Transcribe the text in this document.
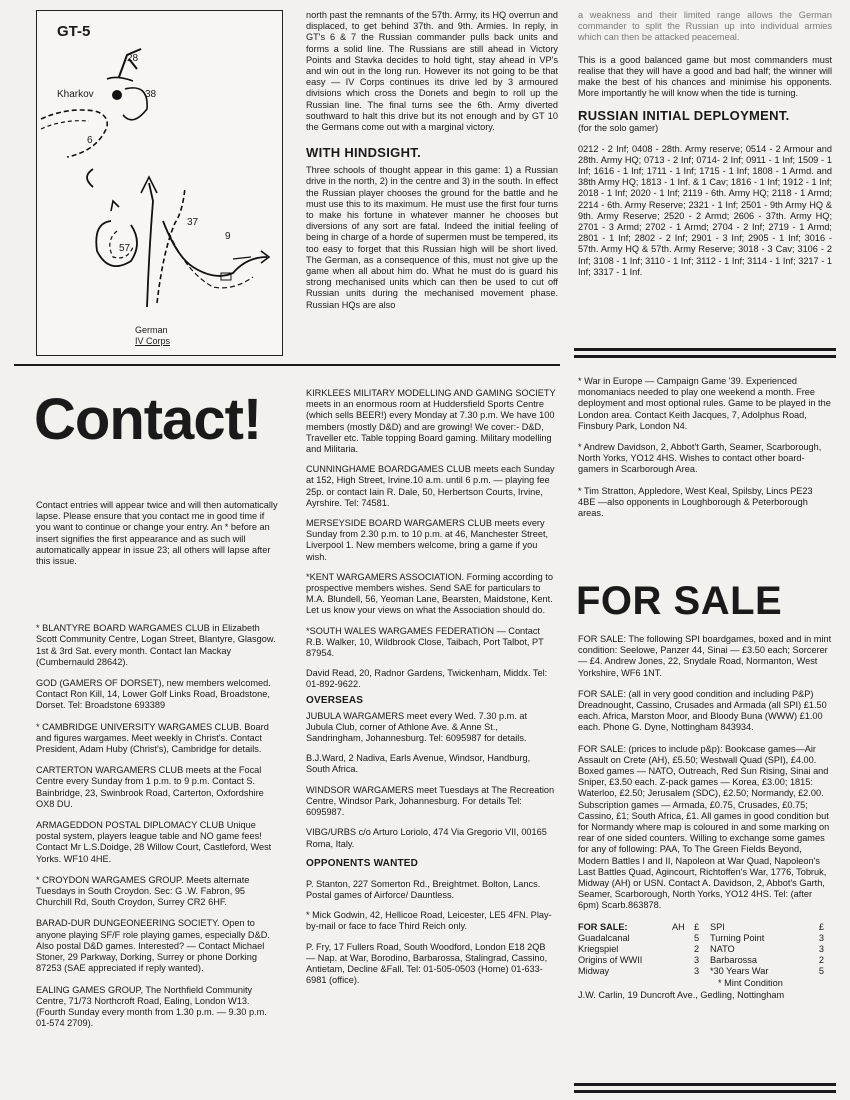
GT-5
28
Kharkov	38
6
37
9
57
German
IV Corps

north past the remnants of the 57th. Army, its HQ overrun and displaced, to get behind 37th. and 9th. Armies. In reply, in GT's 6 & 7 the Russian commander pulls back units and forms a solid line. The Russians are still ahead in Victory Points and Stavka decides to hold tight, stay ahead in VP's and win out in the long run. However its not going to be that easy — IV Corps continues its drive led by 3 armoured divisions which cross the Donets and begin to roll up the Russian line. The final turns see the 6th. Army diverted southward to halt this drive but its not enough and by GT 10 the Germans come out with a marginal victory.

WITH HINDSIGHT.

Three schools of thought appear in this game: 1) a Russian drive in the north, 2) in the centre and 3) in the south. In effect the Russian player chooses the ground for the battle and he must use this to its maximum. He must use the first four turns to make his fortune in whatever manner he chooses but diversions of any sort are fatal. Indeed the initial feeling of being in charge of a horde of supermen must be tempered, its too easy to forget that this Russian high will be short lived. The German, as a consequence of this, must not give up the game when all about him do. What he must do is guard his strong mechanised units which can then be used to cut off Russian units during the mechanised movement phase. Russian HQs are also

a weakness and their limited range allows the German commander to split the Russian up into individual armies which can then be attacked peacemeal.

This is a good balanced game but most commanders must realise that they will have a good and bad half; the winner will make the best of his chances and minimise his opponents. More importantly he will know when the tide is turning.

RUSSIAN INITIAL DEPLOYMENT.
(for the solo gamer)

0212 - 2 Inf; 0408 - 28th. Army reserve; 0514 - 2 Armour and 28th. Army HQ; 0713 - 2 Inf; 0714- 2 Inf; 0911 - 1 Inf; 1509 - 1 Inf; 1616 - 1 Inf; 1711 - 1 Inf; 1715 - 1 Inf; 1808 - 1 Armd. and 38th Army HQ; 1813 - 1 Inf. & 1 Cav; 1816 - 1 Inf; 1912 - 1 Inf; 2018 - 1 Inf; 2020 - 1 Inf; 2119 - 6th. Army HQ; 2118 - 1 Armd; 2214 - 6th. Army Reserve; 2321 - 1 Inf; 2501 - 9th Army HQ & 9th. Army Reserve; 2520 - 2 Armd; 2606 - 37th. Army HQ; 2701 - 3 Armd; 2702 - 1 Armd; 2704 - 2 Inf; 2719 - 1 Armd; 2801 - 1 Inf; 2802 - 2 Inf; 2901 - 3 Inf; 2905 - 1 Inf; 3016 - 57th. Army HQ & 57th. Army Reserve; 3018 - 3 Cav; 3106 - 2 Inf; 3108 - 1 Inf; 3110 - 1 Inf; 3112 - 1 Inf; 3114 - 1 Inf; 3217 - 1 Inf; 3317 - 1 Inf.

Contact!

Contact entries will appear twice and will then automatically lapse. Please ensure that you contact me in good time if you want to continue or change your entry. An * before an insert signifies the first appearance and as such will automatically appear in issue 23; all others will lapse after this issue.

* BLANTYRE BOARD WARGAMES CLUB in Elizabeth Scott Community Centre, Logan Street, Blantyre, Glasgow. 1st & 3rd Sat. every month. Contact Ian Mackay (Cumbernauld 28642).

GOD (GAMERS OF DORSET), new members welcomed. Contact Ron Kill, 14, Lower Golf Links Road, Broadstone, Dorset. Tel: Broadstone 693389

* CAMBRIDGE UNIVERSITY WARGAMES CLUB. Board and figures wargames. Meet weekly in Christ's. Contact President, Adam Huby (Christ's), Cambridge for details.

CARTERTON WARGAMERS CLUB meets at the Focal Centre every Sunday from 1 p.m. to 9 p.m. Contact S. Bainbridge, 23, Swinbrook Road, Carterton, Oxfordshire OX8 DU.

ARMAGEDDON POSTAL DIPLOMACY CLUB Unique postal system, players league table and NO game fees! Contact Mr L.S.Doidge, 28 Willow Court, Castleford, West Yorks. WF10 4HE.

* CROYDON WARGAMES GROUP. Meets alternate Tuesdays in South Croydon. Sec: G .W. Fabron, 95 Churchill Rd, South Croydon, Surrey CR2 6HF.

BARAD-DUR DUNGEONEERING SOCIETY. Open to anyone playing SF/F role playing games, especially D&D. Also postal D&D games. Interested? — Contact Michael Stoner, 29 Parkway, Dorking, Surrey or phone Dorking 87253 (SAE appreciated if reply wanted).

EALING GAMES GROUP, The Northfield Community Centre, 71/73 Northcroft Road, Ealing, London W13. (Fourth Sunday every month from 1.30 p.m. — 9.30 p.m. 01-574 2709).

KIRKLEES MILITARY MODELLING AND GAMING SOCIETY meets in an enormous room at Huddersfield Sports Centre (which sells BEER!) every Monday at 7.30 p.m. We have 100 members (mostly D&D) and are growing! We cover:- D&D, Traveller etc. Table topping Board gaming. Military modelling and Militaria.

CUNNINGHAME BOARDGAMES CLUB meets each Sunday at 152, High Street, Irvine.10 a.m. until 6 p.m. — playing fee 25p. or contact Iain R. Dale, 50, Herbertson Courts, Irvine, Ayrshire. Tel: 74581.

MERSEYSIDE BOARD WARGAMERS CLUB meets every Sunday from 2.30 p.m. to 10 p.m. at 46, Manchester Street, Liverpool 1. New members welcome, bring a game if you wish.

*KENT WARGAMERS ASSOCIATION. Forming according to prospective members wishes. Send SAE for particulars to M.A. Blundell, 56, Yeoman Lane, Bearsten, Maidstone, Kent. Let us know your views on what the Association should do.

*SOUTH WALES WARGAMES FEDERATION — Contact R.B. Walker, 10, Wildbrook Close, Taibach, Port Talbot, PT 87954.

David Read, 20, Radnor Gardens, Twickenham, Middx. Tel: 01-892-9622.

OVERSEAS

JUBULA WARGAMERS meet every Wed. 7.30 p.m. at Jubula Club, corner of Athlone Ave. & Anne St., Sandringham, Johannesburg. Tel: 6095987 for details.

B.J.Ward, 2 Nadiva, Earls Avenue, Windsor, Handburg, South Africa.

WINDSOR WARGAMERS meet Tuesdays at The Recreation Centre, Windsor Park, Johannesburg. For details Tel: 6095987.

VIBG/URBS c/o Arturo Loriolo, 474 Via Gregorio VII, 00165 Roma, Italy.

OPPONENTS WANTED

P. Stanton, 227 Somerton Rd., Breightmet. Bolton, Lancs. Postal games of Airforce/ Dauntless.

* Mick Godwin, 42, Hellicoe Road, Leicester, LE5 4FN. Play-by-mail or face to face Third Reich only.

P. Fry, 17 Fullers Road, South Woodford, London E18 2QB — Nap. at War, Borodino, Barbarossa, Stalingrad, Cassino, Antietam, Decline &Fall. Tel: 01-505-0503 (Home) 01-633-6981 (office).

* War in Europe — Campaign Game '39. Experienced monomaniacs needed to play one weekend a month. Free deployment and most optional rules. Game to be played in the London area. Contact Keith Jacques, 7, Adolphus Road, Finsbury Park, London N4.

* Andrew Davidson, 2, Abbot't Garth, Seamer, Scarborough, North Yorks, YO12 4HS. Wishes to contact other board-gamers in Scarborough Area.

* Tim Stratton, Appledore, West Keal, Spilsby, Lincs PE23 4BE —also opponents in Loughborough & Peterborough areas.

FOR SALE

FOR SALE: The following SPI boardgames, boxed and in mint condition: Seelowe, Panzer 44, Sinai — £3.50 each; Sorcerer — £4. Andrew Jones, 22, Snydale Road, Normanton, West Yorkshire, WF6 1NT.

FOR SALE: (all in very good condition and including P&P) Dreadnought, Cassino, Crusades and Armada (all SPI) £1.50 each. Africa, Marston Moor, and Bloody Buna (WWW) £1.00 each. Phone G. Dyne, Nottingham 843934.

FOR SALE: (prices to include p&p): Bookcase games—Air Assault on Crete (AH), £5.50; Westwall Quad (SPI), £4.00. Boxed games — NATO, Outreach, Red Sun Rising, Sinai and Sniper, £3.50 each. Z-pack games — Korea, £3.00; 1815: Waterloo, £2.50; Jerusalem (SDC), £2.50; Normandy, £2.00. Subscription games — Armada, £0.75, Crusades, £0.75; Cassino, £1; South Africa, £1. All games in good condition but for Normandy where map is coloured in and some marking on rear of one sided counters. Willing to exchange some games for any of following: PAA, To The Green Fields Beyond, Modern Battles I and II, Napoleon at War Quad, Napoleon's Last Battles Quad, Agincourt, Richtoffen's War, 1776, Tobruk, Midway (AH) or USN. Contact A. Davidson, 2, Abbot's Garth, Seamer, Scarborough, North Yorks, YO12 4HS. Tel: (after 6pm) Scarb.863878.

FOR SALE:	AH	£	SPI	£
Guadalcanal		5	Turning Point	3
Kriegspiel		2	NATO	3
Origins of WWII		3	Barbarossa	2
Midway		3	*30 Years War	5
			* Mint Condition	

J.W. Carlin, 19 Duncroft Ave., Gedling, Nottingham
